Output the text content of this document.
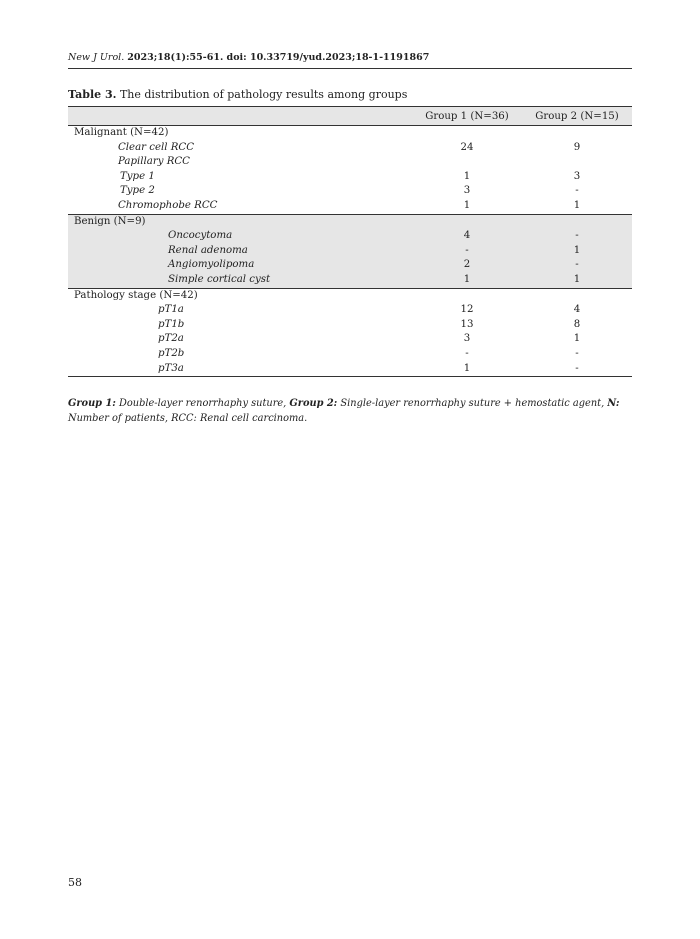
New J Urol. 2023;18(1):55-61. doi: 10.33719/yud.2023;18-1-1191867
Table 3. The distribution of pathology results among groups
	Group 1 (N=36)	Group 2 (N=15)
Malignant (N=42)		
Clear cell RCC	24	9
Papillary RCC		
Type 1	1	3
Type 2	3	-
Chromophobe RCC	1	1
Benign (N=9)		
Oncocytoma	4	-
Renal adenoma	-	1
Angiomyolipoma	2	-
Simple cortical cyst	1	1
Pathology stage (N=42)		
pT1a	12	4
pT1b	13	8
pT2a	3	1
pT2b	-	-
pT3a	1	-
Group 1: Double-layer renorrhaphy suture, Group 2: Single-layer renorrhaphy suture + hemostatic agent, N: Number of patients, RCC: Renal cell carcinoma.
58
